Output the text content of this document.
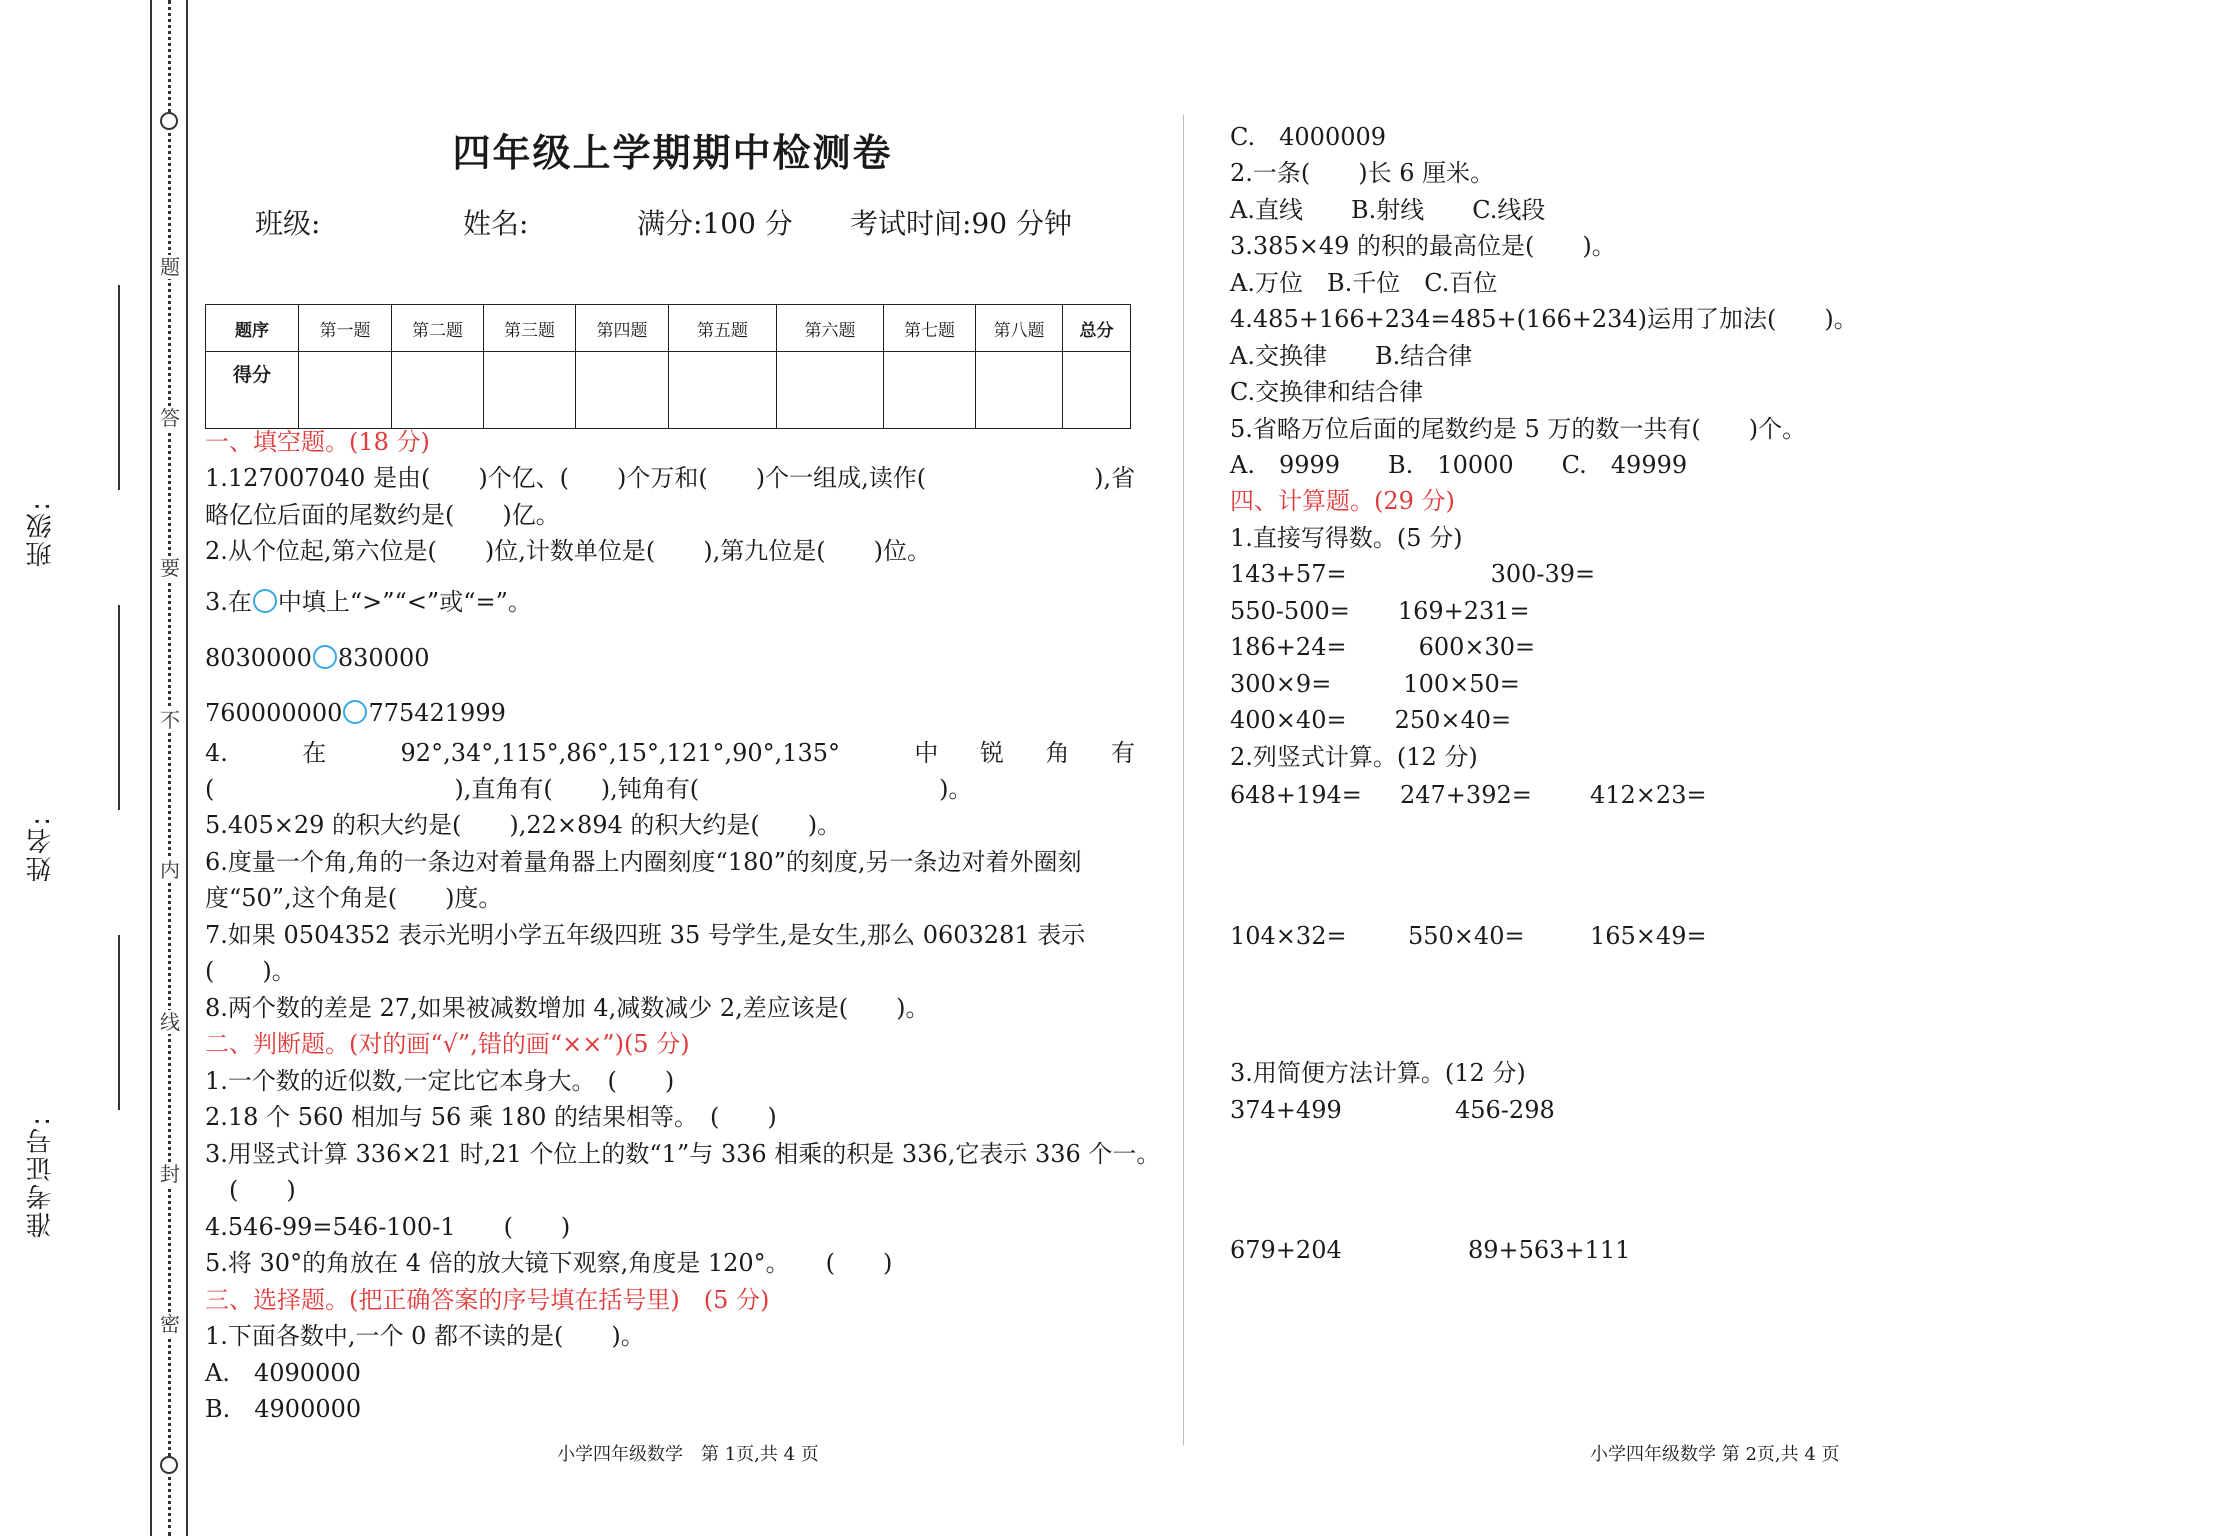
题
答
要
不
内
线
封
密
班级:
姓名:
准考证号:
四年级上学期期中检测卷
班级:	姓名:	满分:100 分 考试时间:90 分钟
题序	第一题	第二题	第三题	第四题	第五题	第六题	第七题	第八题	总分
得分									
一、填空题。(18 分)
1.127007040 是由(　　)个亿、(　　)个万和(　　)个一组成,读作(　　　　　　　),省
略亿位后面的尾数约是(　　)亿。
2.从个位起,第六位是(　　)位,计数单位是(　　),第九位是(　　)位。
3.在 中填上“>”“<”或“=”。
8030000 830000
760000000 775421999
4.　　在　　92°,34°,115°,86°,15°,121°,90°,135°　　中　锐　角　有
(　　　　　　　　　　),直角有(　　),钝角有(　　　　　　　　　　)。
5.405×29 的积大约是(　　),22×894 的积大约是(　　)。
6.度量一个角,角的一条边对着量角器上内圈刻度“180”的刻度,另一条边对着外圈刻
度“50”,这个角是(　　)度。
7.如果 0504352 表示光明小学五年级四班 35 号学生,是女生,那么 0603281 表示
(　　)。
8.两个数的差是 27,如果被减数增加 4,减数减少 2,差应该是(　　)。
二、判断题。(对的画“√”,错的画“××”)(5 分)
1.一个数的近似数,一定比它本身大。　(　　)
2.18 个 560 相加与 56 乘 180 的结果相等。　(　　)
3.用竖式计算 336×21 时,21 个位上的数“1”与 336 相乘的积是 336,它表示 336 个一。
　(　　)
4.546-99=546-100-1　　(　　)
5.将 30°的角放在 4 倍的放大镜下观察,角度是 120°。　　(　　)
三、选择题。(把正确答案的序号填在括号里)　(5 分)
1.下面各数中,一个 0 都不读的是(　　)。
A.　4090000
B.　4900000
小学四年级数学　第 1页,共 4 页
C.　4000009
2.一条(　　)长 6 厘米。
A.直线　　B.射线　　C.线段
3.385×49 的积的最高位是(　　)。
A.万位　B.千位　C.百位
4.485+166+234=485+(166+234)运用了加法(　　)。
A.交换律　　B.结合律
C.交换律和结合律
5.省略万位后面的尾数约是 5 万的数一共有(　　)个。
A.　9999　　B.　10000　　C.　49999
四、计算题。(29 分)
1.直接写得数。(5 分)
143+57=　　　　　　300-39=
550-500=　　169+231=
186+24=　　　600×30=
300×9=　　　100×50=
400×40=　　250×40=
2.列竖式计算。(12 分)
648+194= 247+392= 412×23=
104×32=	550×40=	165×49=
3.用简便方法计算。(12 分)
374+499	456-298
679+204	89+563+111
小学四年级数学 第 2页,共 4 页
